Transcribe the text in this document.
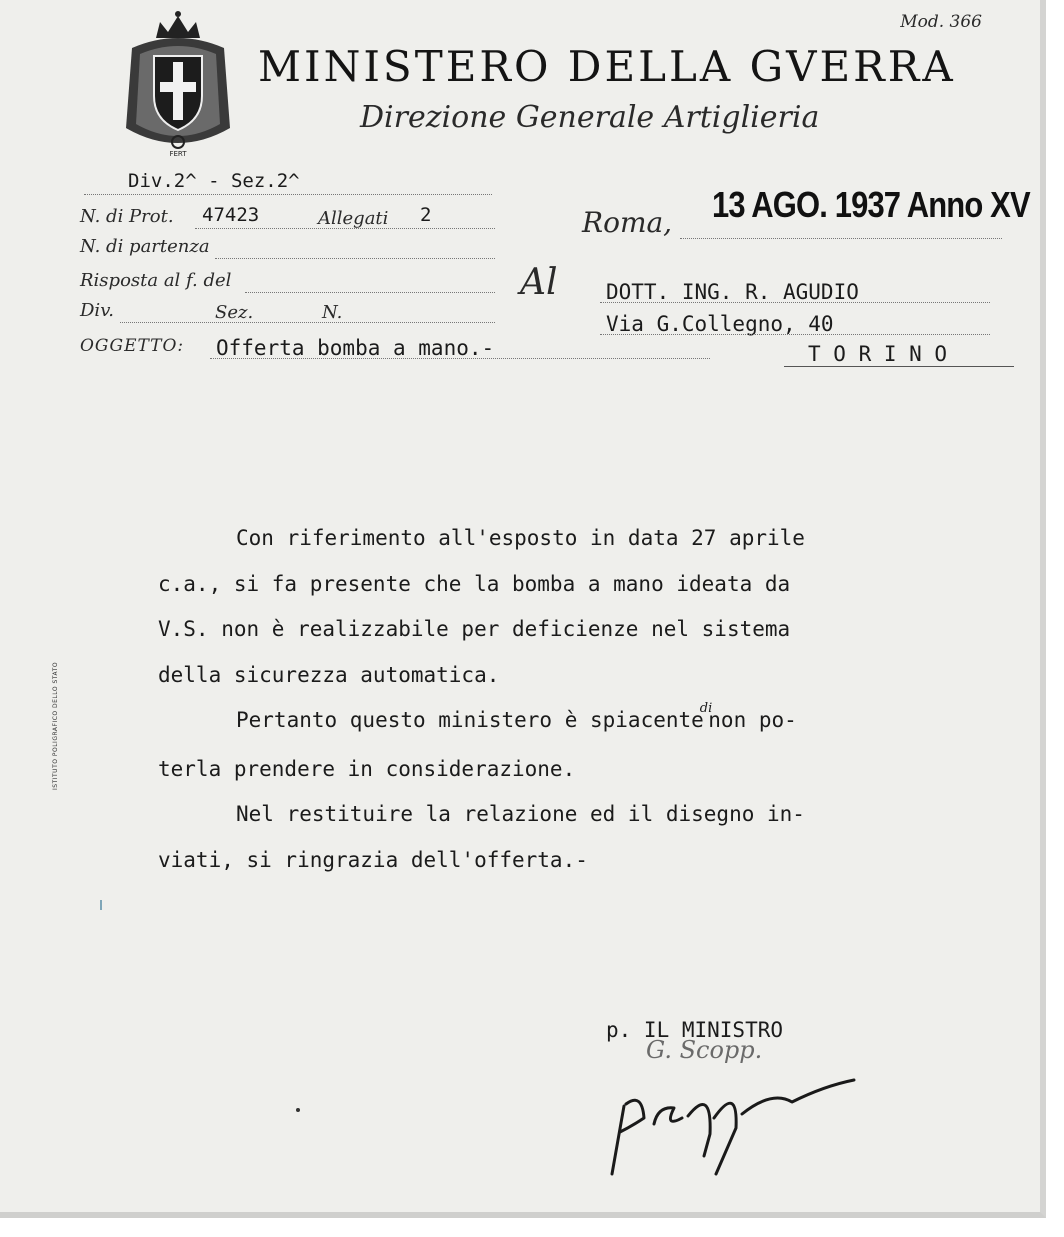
Mod. 366
FERT
MINISTERO DELLA GVERRA
Direzione Generale Artiglieria
Div.2^ - Sez.2^
N. di Prot. 47423	Allegati 2
N. di partenza
Risposta al f. del
Div.	Sez.	N.
OGGETTO: Offerta bomba a mano.-
Roma, 13 AGO. 1937 Anno XV
Al DOTT. ING. R. AGUDIO
Via G.Collegno, 40
T O R I N O

Con riferimento all'esposto in data 27 aprile

c.a., si fa presente che la bomba a mano ideata da

V.S. non è realizzabile per deficienze nel sistema

della sicurezza automatica.

Pertanto questo ministero è spiacente$^{di}$non po-

terla prendere in considerazione.

Nel restituire la relazione ed il disegno in-

viati, si ringrazia dell'offerta.-

G. Scopp.
p. IL MINISTRO
ISTITUTO POLIGRAFICO DELLO STATO
